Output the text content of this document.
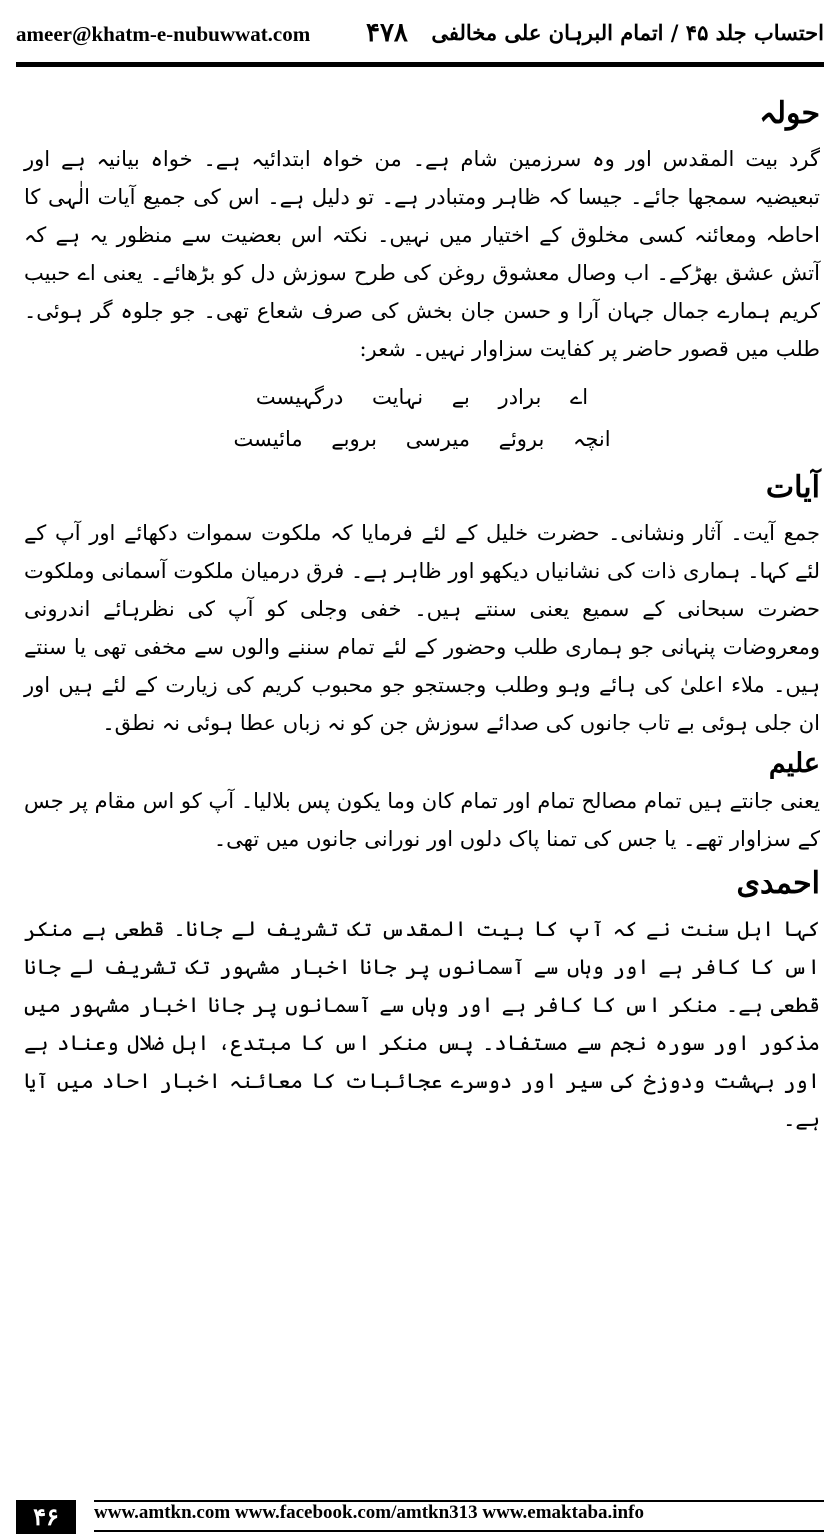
ameer@khatm-e-nubuwwat.com ۴۷۸ احتساب جلد ۴۵ / اتمام البرہان علی مخالفی
حولہ

گرد بیت المقدس اور وہ سرزمین شام ہے۔ من خواہ ابتدائیہ ہے۔ خواہ بیانیہ ہے اور تبعیضیہ سمجھا جائے۔ جیسا کہ ظاہر ومتبادر ہے۔ تو دلیل ہے۔ اس کی جمیع آیات الٰہی کا احاطہ ومعائنہ کسی مخلوق کے اختیار میں نہیں۔ نکتہ اس بعضیت سے منظور یہ ہے کہ آتش عشق بھڑکے۔ اب وصال معشوق روغن کی طرح سوزش دل کو بڑھائے۔ یعنی اے حبیب کریم ہمارے جمال جہان آرا و حسن جان بخش کی صرف شعاع تھی۔ جو جلوہ گر ہوئی۔ طلب میں قصور حاضر پر کفایت سزاوار نہیں۔ شعر:

اے برادر بے نہایت درگہیست
انچہ بروئے میرسی بروبے مائیست
آیات

جمع آیت۔ آثار ونشانی۔ حضرت خلیل کے لئے فرمایا کہ ملکوت سموات دکھائے اور آپ کے لئے کہا۔ ہماری ذات کی نشانیاں دیکھو اور ظاہر ہے۔ فرق درمیان ملکوت آسمانی وملکوت حضرت سبحانی کے سمیع یعنی سنتے ہیں۔ خفی وجلی کو آپ کی نظرہائے اندرونی ومعروضات پنہانی جو ہماری طلب وحضور کے لئے تمام سننے والوں سے مخفی تھی یا سنتے ہیں۔ ملاء اعلیٰ کی ہائے وہو وطلب وجستجو جو محبوب کریم کی زیارت کے لئے ہیں اور ان جلی ہوئی بے تاب جانوں کی صدائے سوزش جن کو نہ زباں عطا ہوئی نہ نطق۔

علیم

یعنی جانتے ہیں تمام مصالح تمام اور تمام کان وما یکون پس بلالیا۔ آپ کو اس مقام پر جس کے سزاوار تھے۔ یا جس کی تمنا پاک دلوں اور نورانی جانوں میں تھی۔

احمدی

کہا اہل سنت نے کہ آپ کا بیت المقدس تک تشریف لے جانا۔ قطعی ہے منکر اس کا کافر ہے اور وہاں سے آسمانوں پر جانا اخبار مشہور تک تشریف لے جانا قطعی ہے۔ منکر اس کا کافر ہے اور وہاں سے آسمانوں پر جانا اخبار مشہور میں مذکور اور سورہ نجم سے مستفاد۔ پس منکر اس کا مبتدع، اہل ضلال وعناد ہے اور بہشت ودوزخ کی سیر اور دوسرے عجائبات کا معائنہ اخبار احاد میں آیا ہے۔

۴۶	www.amtkn.com www.facebook.com/amtkn313 www.emaktaba.info
